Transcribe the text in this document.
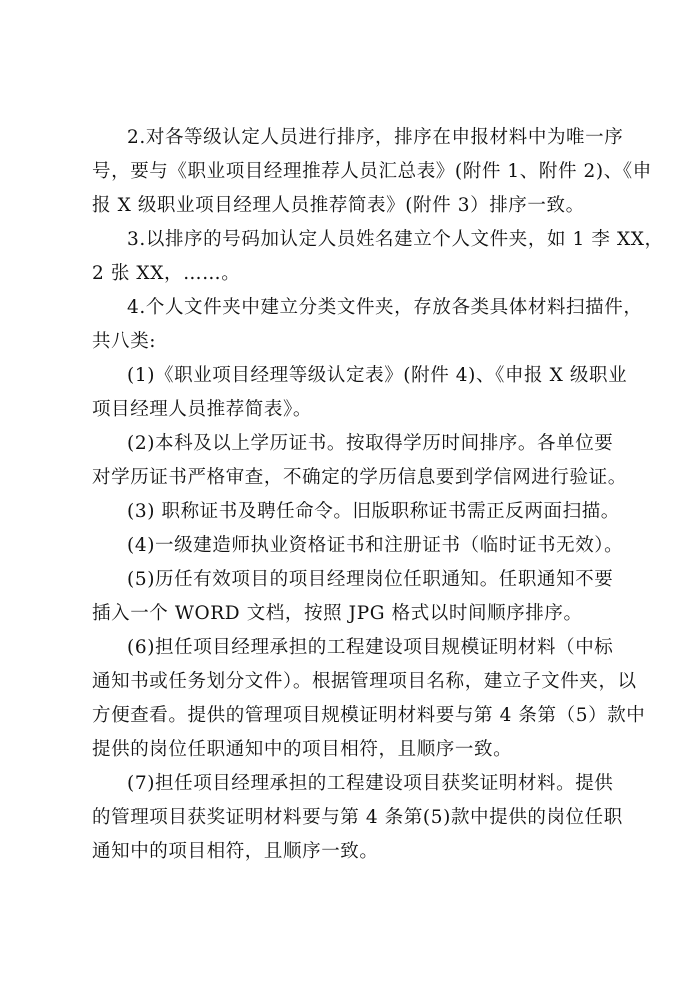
2.对各等级认定人员进行排序，排序在申报材料中为唯一序
号，要与《职业项目经理推荐人员汇总表》(附件 1、附件 2)、《申
报 X 级职业项目经理人员推荐简表》(附件 3）排序一致。
3.以排序的号码加认定人员姓名建立个人文件夹，如 1 李 XX，
2 张 XX，……。
4.个人文件夹中建立分类文件夹，存放各类具体材料扫描件，
共八类:
(1)《职业项目经理等级认定表》(附件 4)、《申报 X 级职业
项目经理人员推荐简表》。
(2)本科及以上学历证书。按取得学历时间排序。各单位要
对学历证书严格审查，不确定的学历信息要到学信网进行验证。
(3) 职称证书及聘任命令。旧版职称证书需正反两面扫描。
(4)一级建造师执业资格证书和注册证书（临时证书无效）。
(5)历任有效项目的项目经理岗位任职通知。任职通知不要
插入一个 WORD 文档，按照 JPG 格式以时间顺序排序。
(6)担任项目经理承担的工程建设项目规模证明材料（中标
通知书或任务划分文件）。根据管理项目名称，建立子文件夹，以
方便查看。提供的管理项目规模证明材料要与第 4 条第（5）款中
提供的岗位任职通知中的项目相符，且顺序一致。
(7)担任项目经理承担的工程建设项目获奖证明材料。提供
的管理项目获奖证明材料要与第 4 条第(5)款中提供的岗位任职
通知中的项目相符，且顺序一致。
